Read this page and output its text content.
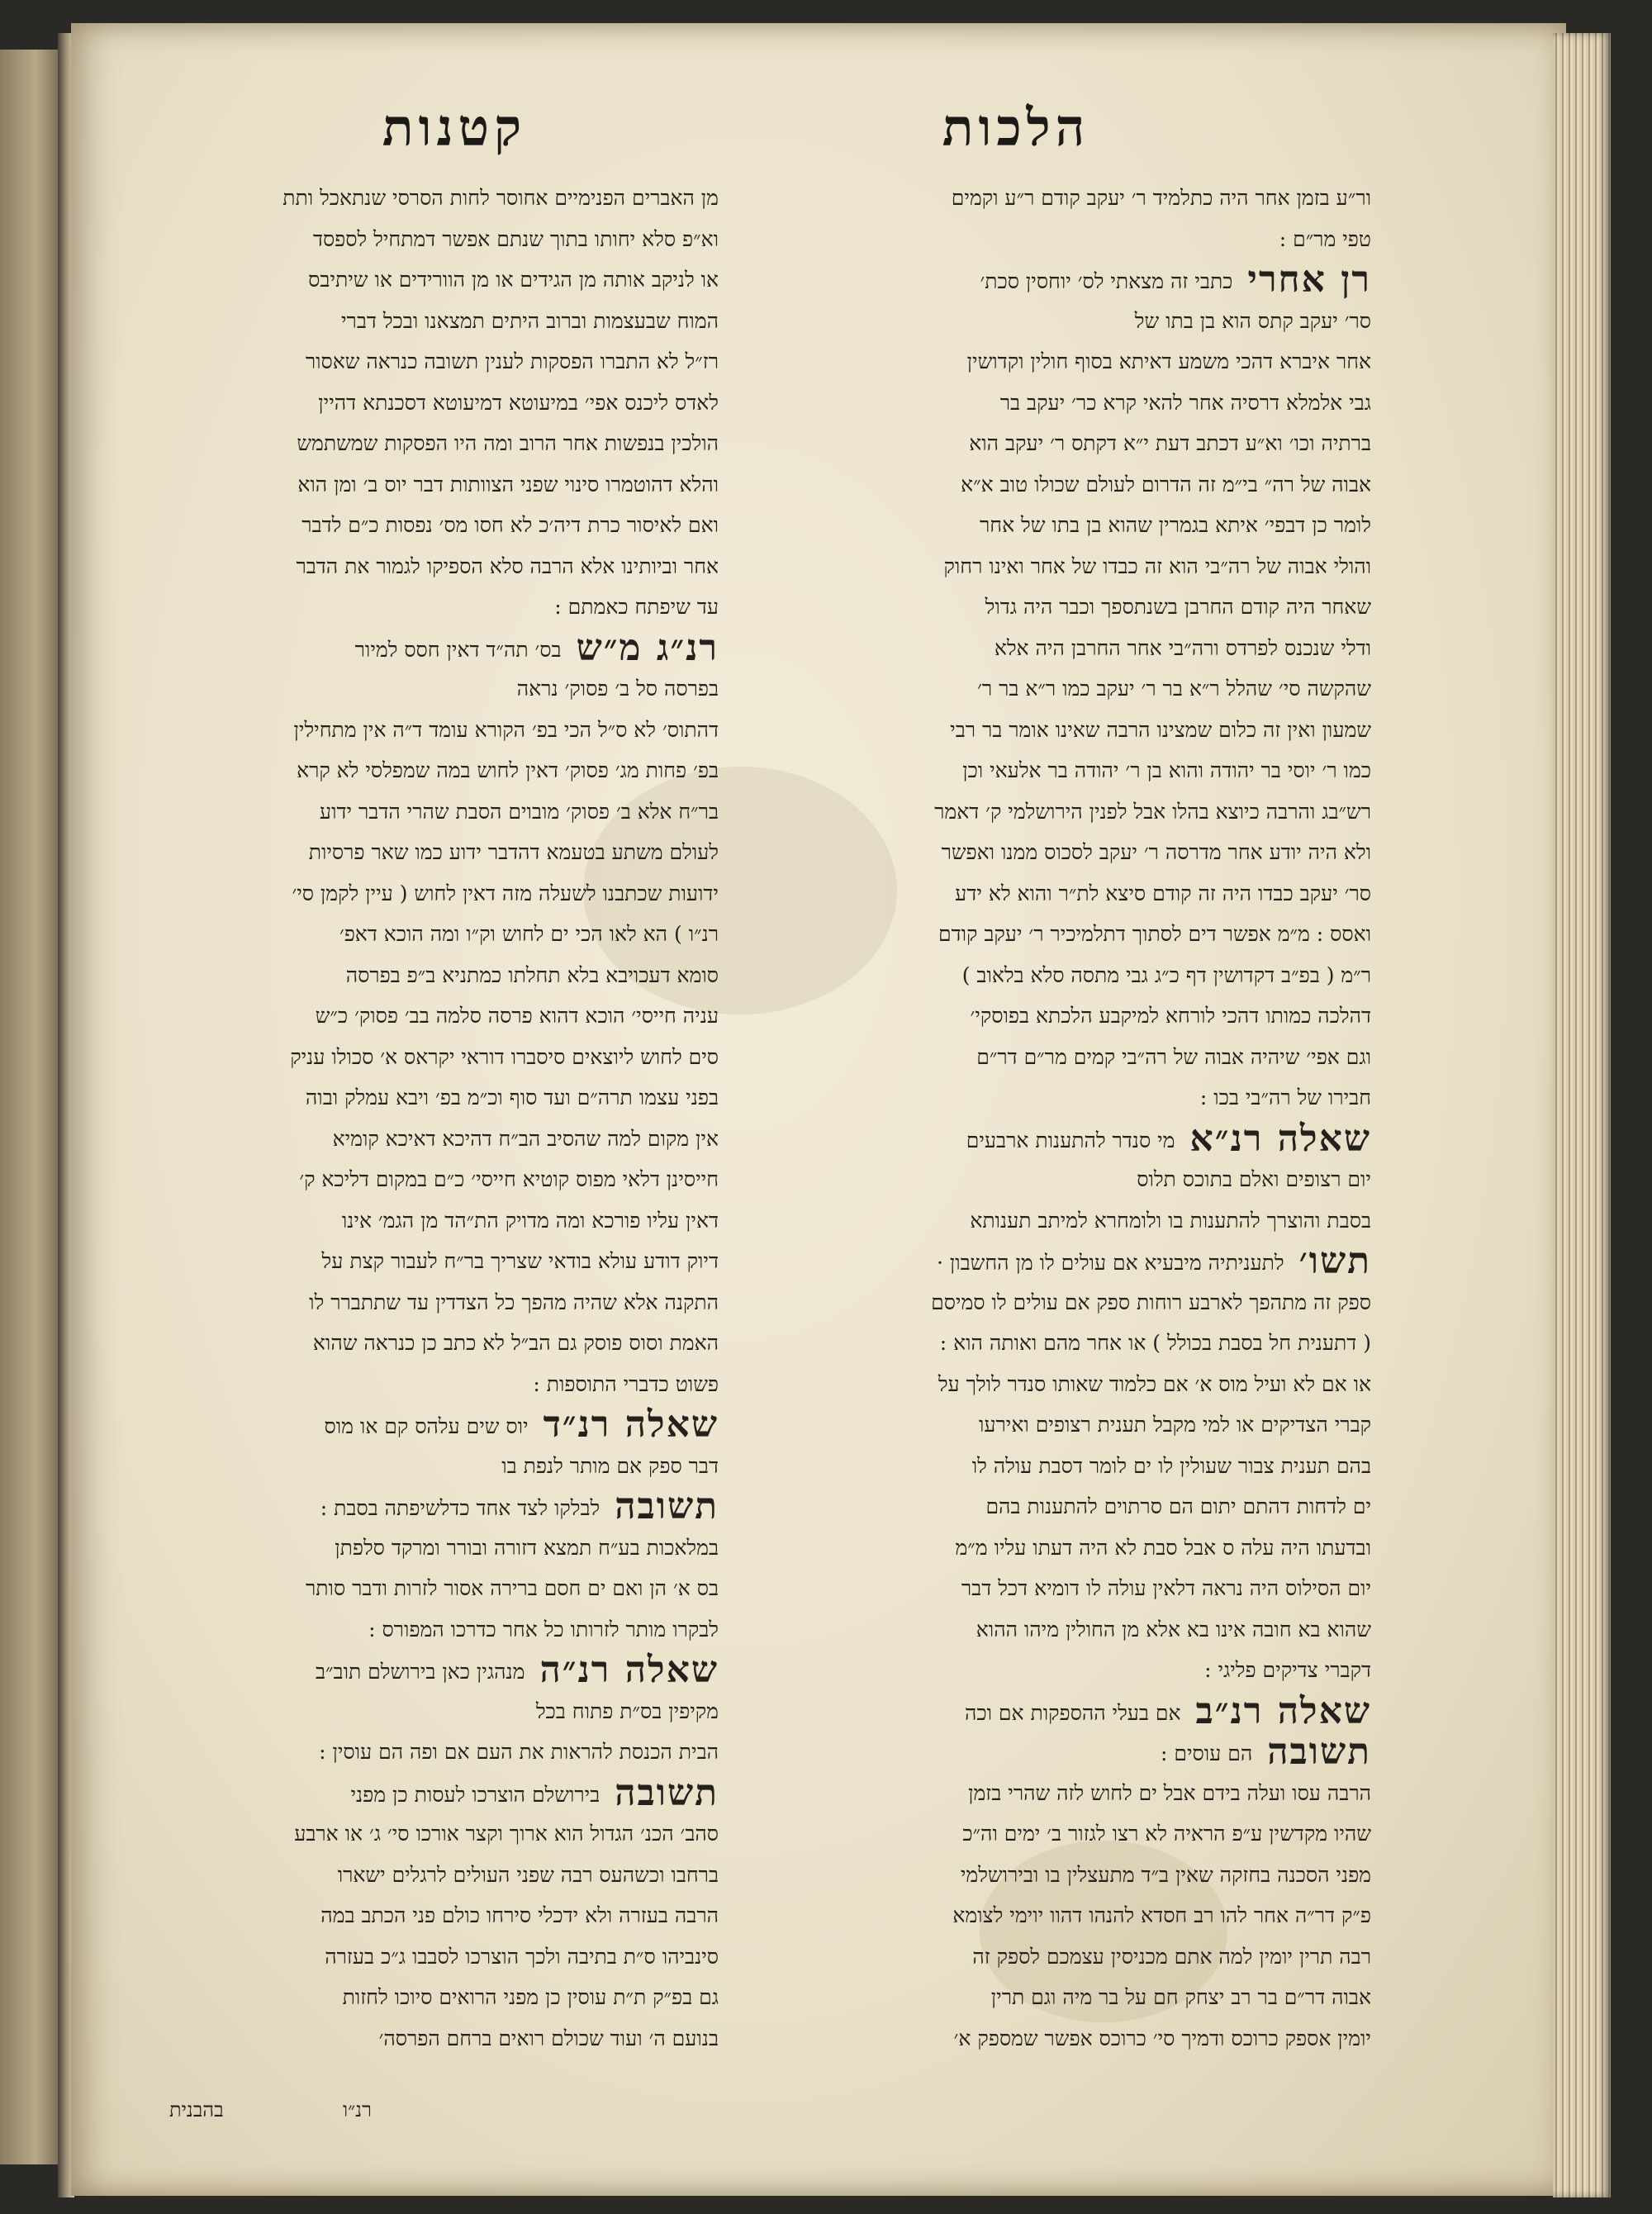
הלכות
קטנות
ור״ע בזמן אחר היה כתלמיד ר׳ יעקב קודם ר״ע וקמים
טפי מר״ם :
רן אחריכתבי זה מצאתי לס׳ יוחסין סכת׳
סר׳ יעקב קתס הוא בן בתו של
אחר איברא דהכי משמע דאיתא בסוף חולין וקדושין
גבי אלמלא דרסיה אחר להאי קרא כר׳ יעקב בר
ברתיה וכו׳ וא״ע דכתב דעת י״א דקתס ר׳ יעקב הוא
אבוה של רה״ בי״מ זה הדרום לעולם שכולו טוב א״א
לומר כן דבפי׳ איתא בגמרין שהוא בן בתו של אחר
והולי אבוה של רה״בי הוא זה כבדו של אחר ואינו רחוק
שאחר היה קודם החרבן בשנתספך וכבר היה גדול
ודלי שנכנס לפרדס ורה״בי אחר החרבן היה אלא
שהקשה סי׳ שהלל ר״א בר ר׳ יעקב כמו ר״א בר ר׳
שמעון ואין זה כלום שמצינו הרבה שאינו אומר בר רבי
כמו ר׳ יוסי בר יהודה והוא בן ר׳ יהודה בר אלעאי וכן
רש״בג והרבה כיוצא בהלו אבל לפנין הירושלמי ק׳ דאמר
ולא היה יודע אחר מדרסה ר׳ יעקב לסכוס ממנו ואפשר
סר׳ יעקב כבדו היה זה קודם סיצא לת״ר והוא לא ידע
ואסס : מ״מ אפשר דים לסתוך דתלמיכיר ר׳ יעקב קודם
ר״מ ( בפ״ב דקדושין דף כ״ג גבי מתסה סלא בלאוב )
דהלכה כמותו דהכי לורחא למיקבע הלכתא בפוסקי׳
וגם אפי׳ שיהיה אבוה של רה״בי קמים מר״ם דר״ם
חבירו של רה״בי בכו :
שאלה רנ״אמי סנדר להתענות ארבעים
יום רצופים ואלם בתוכס תלוס
בסבת והוצרך להתענות בו ולומחרא למיתב תענותא
תשו׳לתעניתיה מיבעיא אם עולים לו מן החשבון ·
ספק זה מתהפך לארבע רוחות ספק אם עולים לו סמיסם
( דתענית חל בסבת בכולל ) או אחר מהם ואותה הוא :
או אם לא ועיל מוס א׳ אם כלמוד שאותו סנדר לולך על
קברי הצדיקים או למי מקבל תענית רצופים ואירעו
בהם תענית צבור שעולין לו ים לומר דסבת עולה לו
ים לדחות דהתם יתום הם סרתוים להתענות בהם
ובדעתו היה עלה ס אבל סבת לא היה דעתו עליו מ״מ
יום הסילוס היה נראה דלאין עולה לו דומיא דכל דבר
שהוא בא חובה אינו בא אלא מן החולין מיהו ההוא
דקברי צדיקים פליגי :
שאלה רנ״באם בעלי ההספקות אם וכה
תשובההם עוסים :
הרבה עסו ועלה בידם אבל ים לחוש לזה שהרי בזמן
שהיו מקדשין ע״פ הראיה לא רצו לגזור ב׳ ימים וה״כ
מפני הסכנה בחזקה שאין ב״ד מתעצלין בו ובירושלמי
פ״ק דר״ה אחר להו רב חסדא להנהו דהוו יוימי לצומא
רבה תרין יומין למה אתם מכניסין עצמכם לספק זה
אבוה דר״ם בר רב יצחק חם על בר מיה וגם תרין
יומין אספק כרוכס ודמיך סי׳ כרוכס אפשר שמספק א׳
מן האברים הפנימיים אחוסר לחות הסרסי שנתאכל ותת
וא״פ סלא יחותו בתוך שנתם אפשר דמתחיל לספסד
או לניקב אותה מן הגידים או מן הוורידים או שיתיבס
המוח שבעצמות וברוב היתים תמצאנו ובכל דברי
רז״ל לא התברו הפסקות לענין תשובה כנראה שאסור
לאדס ליכנס אפי׳ במיעוטא דמיעוטא דסכנתא דהיין
הולכין בנפשות אחר הרוב ומה היו הפסקות שמשתמש
והלא דהוטמרו סינוי שפני הצוותות דבר יוס ב׳ ומן הוא
ואם לאיסור כרת דיה׳כ לא חסו מס׳ נפסות כ״ם לדבר
אחר וביותינו אלא הרבה סלא הספיקו לגמור את הדבר
עד שיפתח כאמתם :
רנ״ג מ״שבס׳ תה״ד דאין חסס למיור
בפרסה סל ב׳ פסוק׳ נראה
דהתוס׳ לא ס״ל הכי בפ׳ הקורא עומד ד״ה אין מתחילין
בפ׳ פחות מג׳ פסוק׳ דאין לחוש במה שמפלסי לא קרא
בר״ח אלא ב׳ פסוק׳ מובוים הסבת שהרי הדבר ידוע
לעולם משתע בטעמא דהדבר ידוע כמו שאר פרסיות
ידועות שכתבנו לשעלה מזה דאין לחוש ( עיין לקמן סי׳
רנ״ו ) הא לאו הכי ים לחוש וק״ו ומה הוכא דאפ׳
סומא דעכויבא בלא תחלתו כמתניא ב״פ בפרסה
עניה חייסי׳ הוכא דהוא פרסה סלמה בב׳ פסוק׳ כ״ש
סים לחוש ליוצאים סיסברו דוראי יקראס א׳ סכולו עניק
בפני עצמו תרה״ם ועד סוף וכ״מ בפ׳ ויבא עמלק ובוה
אין מקום למה שהסיב הב״ח דהיכא דאיכא קומיא
חייסינן דלאי מפוס קוטיא חייסי׳ כ״ם במקום דליכא ק׳
דאין עליו פורכא ומה מדויק הת״הד מן הגמ׳ אינו
דיוק דודע עולא בודאי שצריך בר״ח לעבור קצת על
התקנה אלא שהיה מהפך כל הצדדין עד שתתברר לו
האמת וסוס פוסק גם הב״ל לא כתב כן כנראה שהוא
פשוט כדברי התוספות :
שאלה רנ״דיוס שים עלהס קם או מוס
דבר ספק אם מותר לנפת בו
תשובהלבלקו לצד אחד כדלשיפתה בסבת :
במלאכות בע״ח תמצא דזורה ובורר ומרקד סלפתן
בס א׳ הן ואם ים חסם ברירה אסור לזרות ודבר סותר
לבקרו מותר לזרותו כל אחר כדרכו המפורס :
שאלה רנ״המנהגין כאן בירושלם תוב״ב
מקיפין בס״ת פתוח בכל
הבית הכנסת להראות את העם אם ופה הם עוסין :
תשובהבירושלם הוצרכו לעסות כן מפני
סהב׳ הכנ׳ הגדול הוא ארוך וקצר אורכו סי׳ ג׳ או ארבע
ברחבו וכשהעס רבה שפני העולים לרגלים ישארו
הרבה בעזרה ולא ידכלי סירחו כולם פני הכתב במה
סינביהו ס״ת בתיבה ולכך הוצרכו לסבבו ג״כ בעזרה
גם בפ״ק ת״ת עוסין כן מפני הרואים סיוכו לחזות
בנועם ה׳ ועוד שכולם רואים ברחם הפרסה׳
רנ״ו
בהבנית
